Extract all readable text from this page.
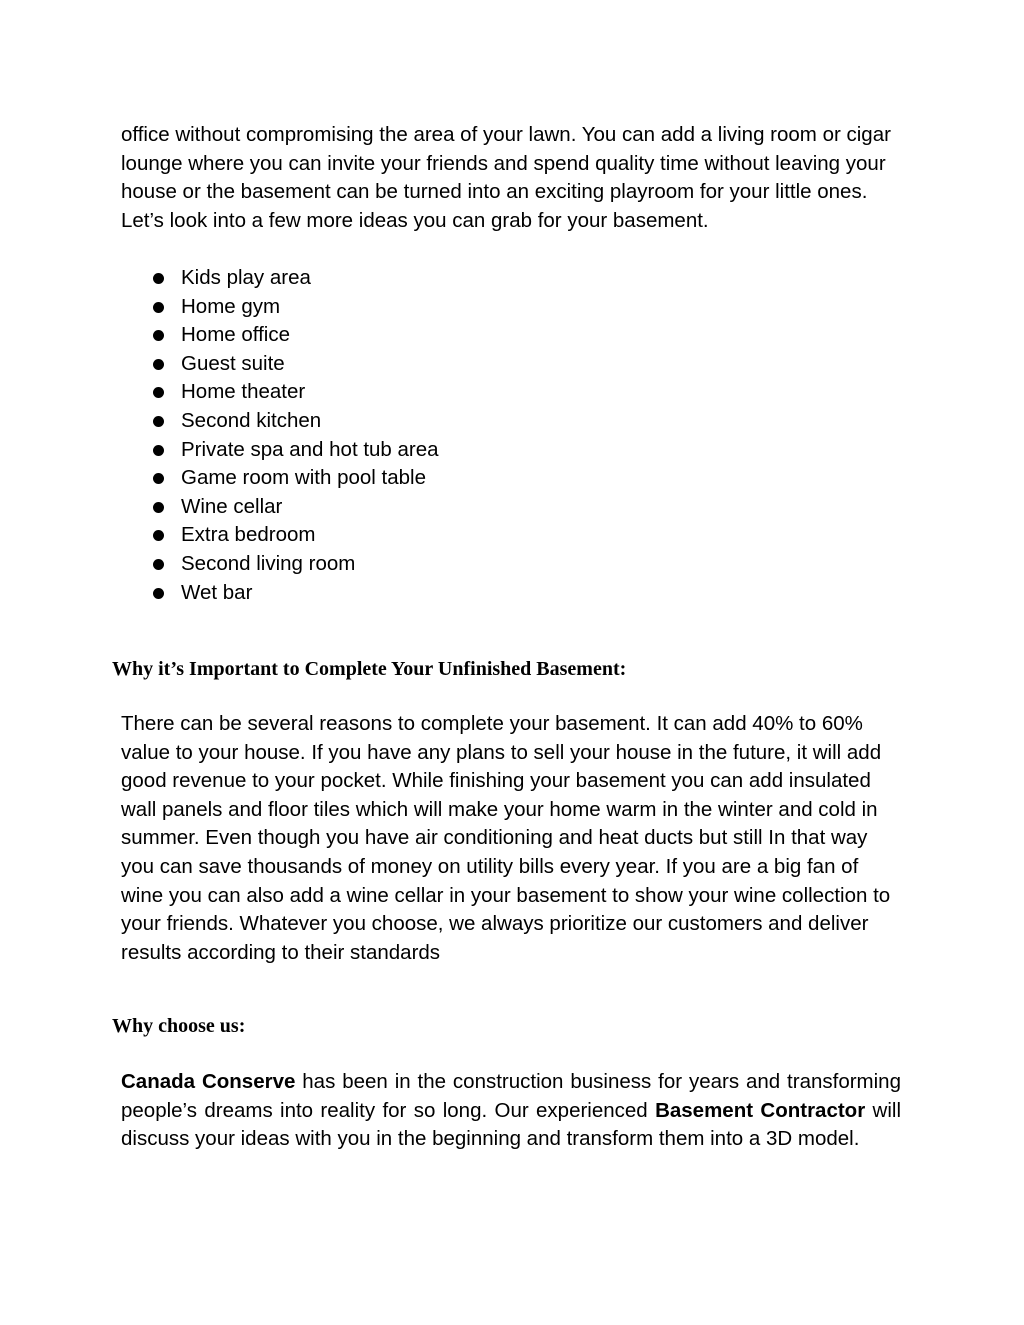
office without compromising the area of your lawn. You can add a living room or cigar lounge where you can invite your friends and spend quality time without leaving your house or the basement can be turned into an exciting playroom for your little ones. Let’s look into a few more ideas you can grab for your basement.

Kids play area
Home gym
Home office
Guest suite
Home theater
Second kitchen
Private spa and hot tub area
Game room with pool table
Wine cellar
Extra bedroom
Second living room
Wet bar
Why it’s Important to Complete Your Unfinished Basement:

There can be several reasons to complete your basement. It can add 40% to 60% value to your house. If you have any plans to sell your house in the future, it will add good revenue to your pocket. While finishing your basement you can add insulated wall panels and floor tiles which will make your home warm in the winter and cold in summer. Even though you have air conditioning and heat ducts but still In that way you can save thousands of money on utility bills every year. If you are a big fan of wine you can also add a wine cellar in your basement to show your wine collection to your friends. Whatever you choose, we always prioritize our customers and deliver results according to their standards

Why choose us:

Canada Conserve has been in the construction business for years and transforming people’s dreams into reality for so long. Our experienced Basement Contractor will discuss your ideas with you in the beginning and transform them into a 3D model.
